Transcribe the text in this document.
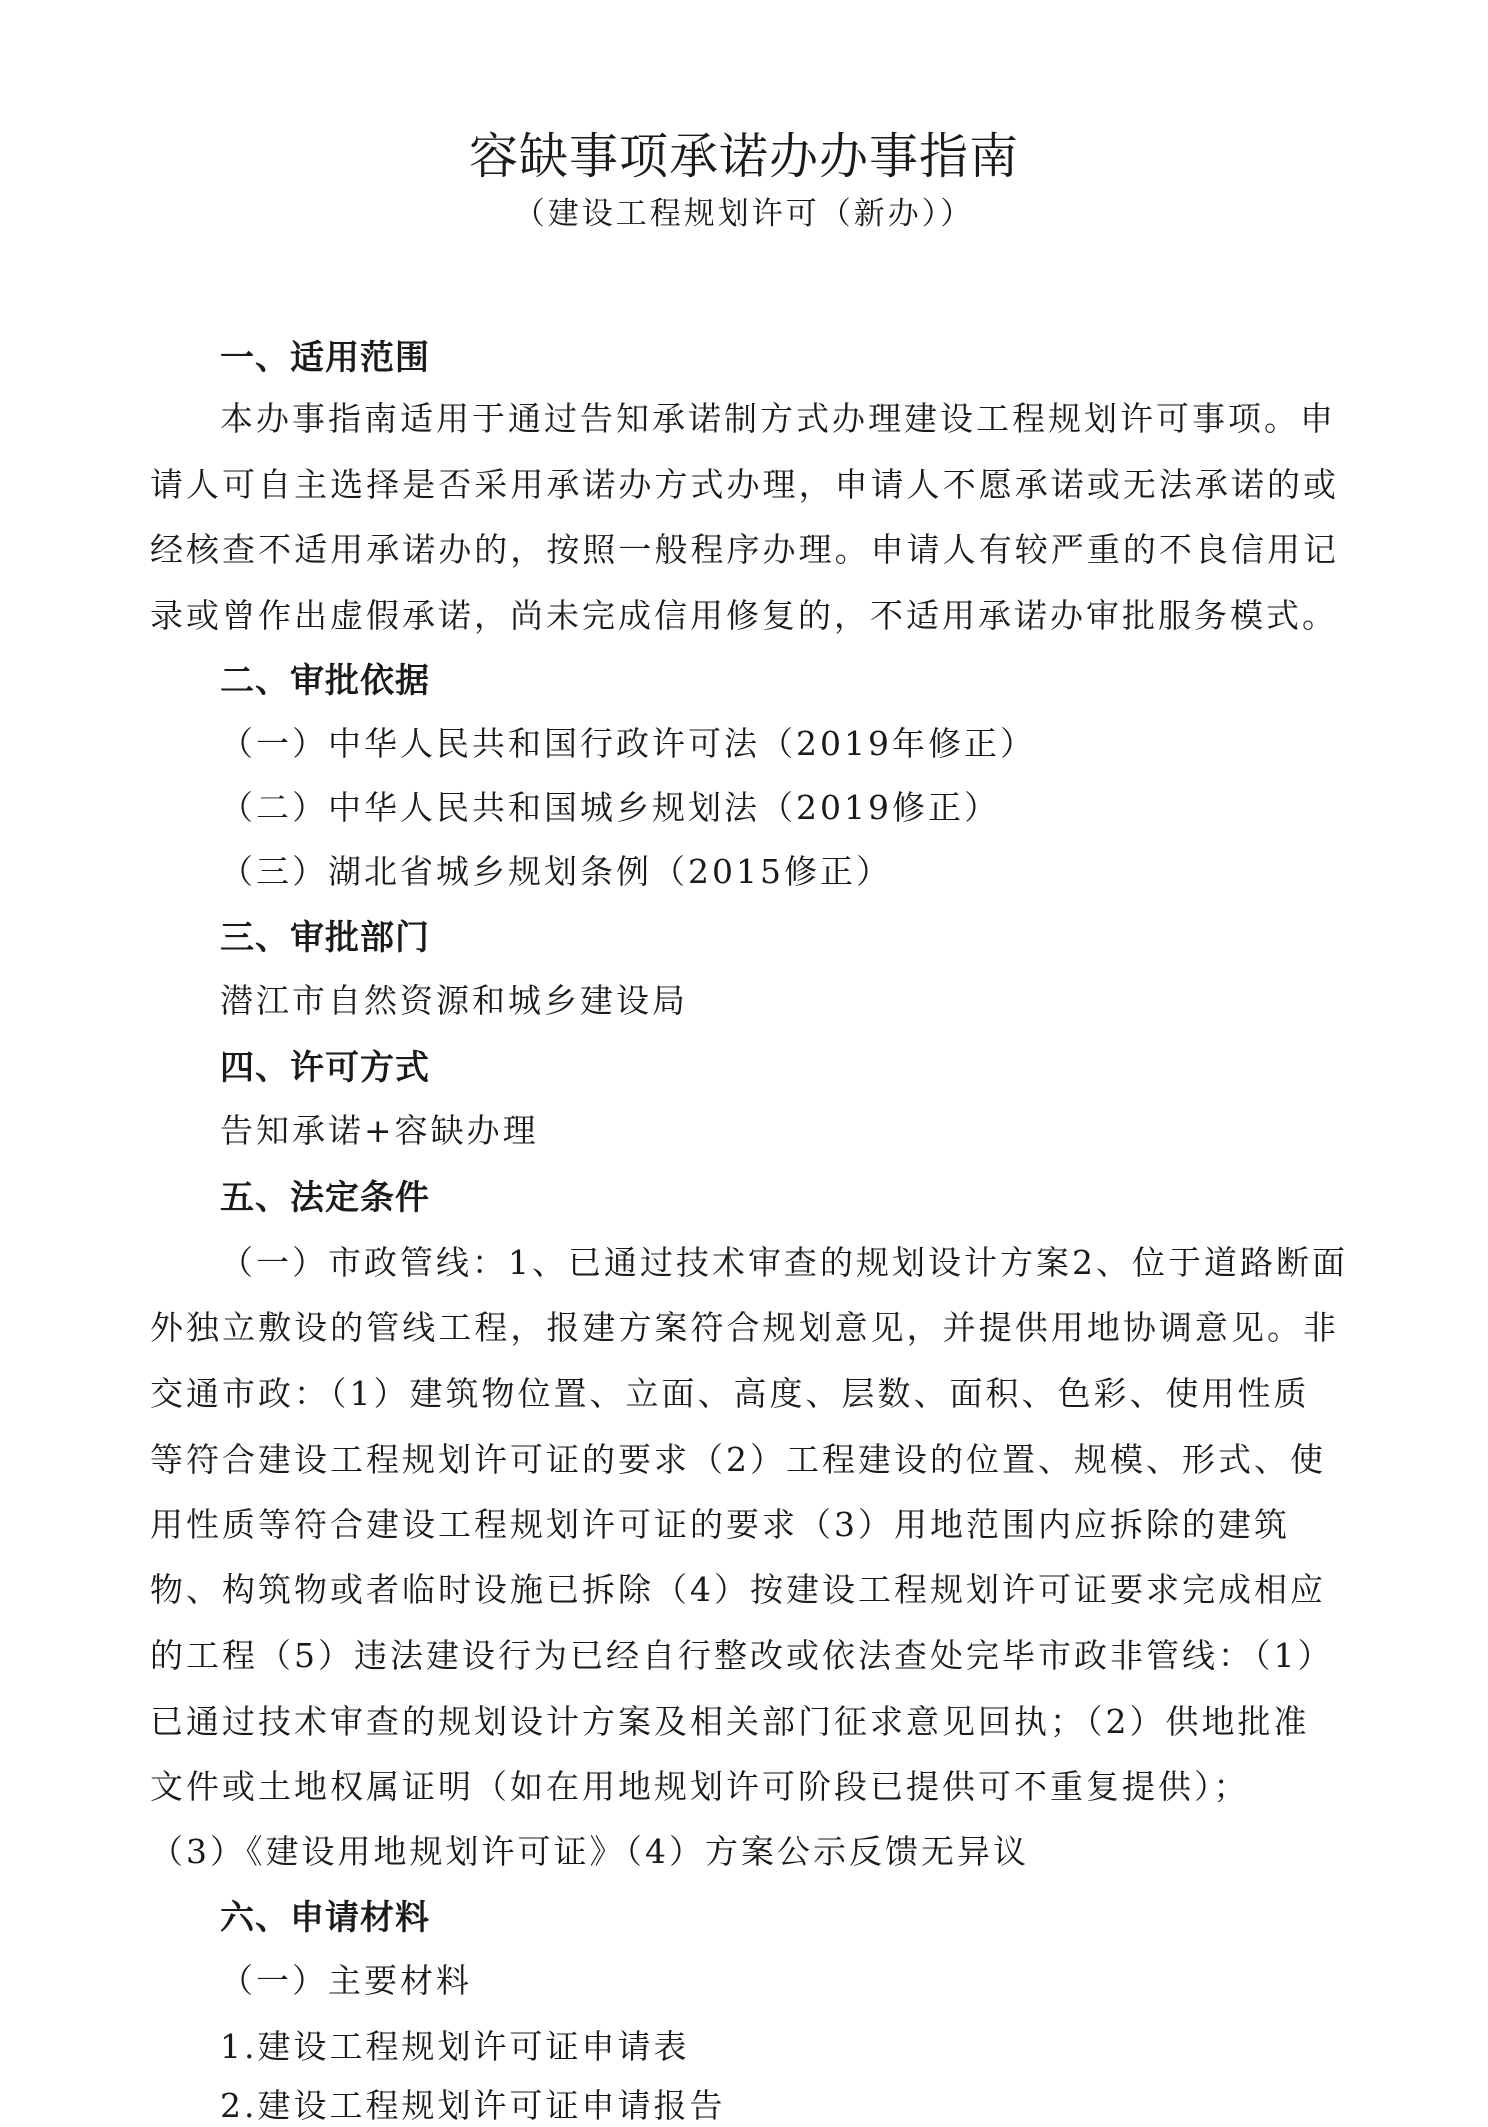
容缺事项承诺办办事指南
（建设工程规划许可（新办））
一、适用范围
本办事指南适用于通过告知承诺制方式办理建设工程规划许可事项。申
请人可自主选择是否采用承诺办方式办理，申请人不愿承诺或无法承诺的或
经核查不适用承诺办的，按照一般程序办理。申请人有较严重的不良信用记
录或曾作出虚假承诺，尚未完成信用修复的，不适用承诺办审批服务模式。
二、审批依据
（一）中华人民共和国行政许可法（2019年修正）
（二）中华人民共和国城乡规划法（2019修正）
（三）湖北省城乡规划条例（2015修正）
三、审批部门
潜江市自然资源和城乡建设局
四、许可方式
告知承诺+容缺办理
五、法定条件
（一）市政管线：1、已通过技术审查的规划设计方案2、位于道路断面
外独立敷设的管线工程，报建方案符合规划意见，并提供用地协调意见。非
交通市政：（1）建筑物位置、立面、高度、层数、面积、色彩、使用性质
等符合建设工程规划许可证的要求（2）工程建设的位置、规模、形式、使
用性质等符合建设工程规划许可证的要求（3）用地范围内应拆除的建筑
物、构筑物或者临时设施已拆除（4）按建设工程规划许可证要求完成相应
的工程（5）违法建设行为已经自行整改或依法查处完毕市政非管线：（1）
已通过技术审查的规划设计方案及相关部门征求意见回执；（2）供地批准
文件或土地权属证明（如在用地规划许可阶段已提供可不重复提供）；
（3）《建设用地规划许可证》（4）方案公示反馈无异议
六、申请材料
（一）主要材料
1.建设工程规划许可证申请表
2.建设工程规划许可证申请报告
